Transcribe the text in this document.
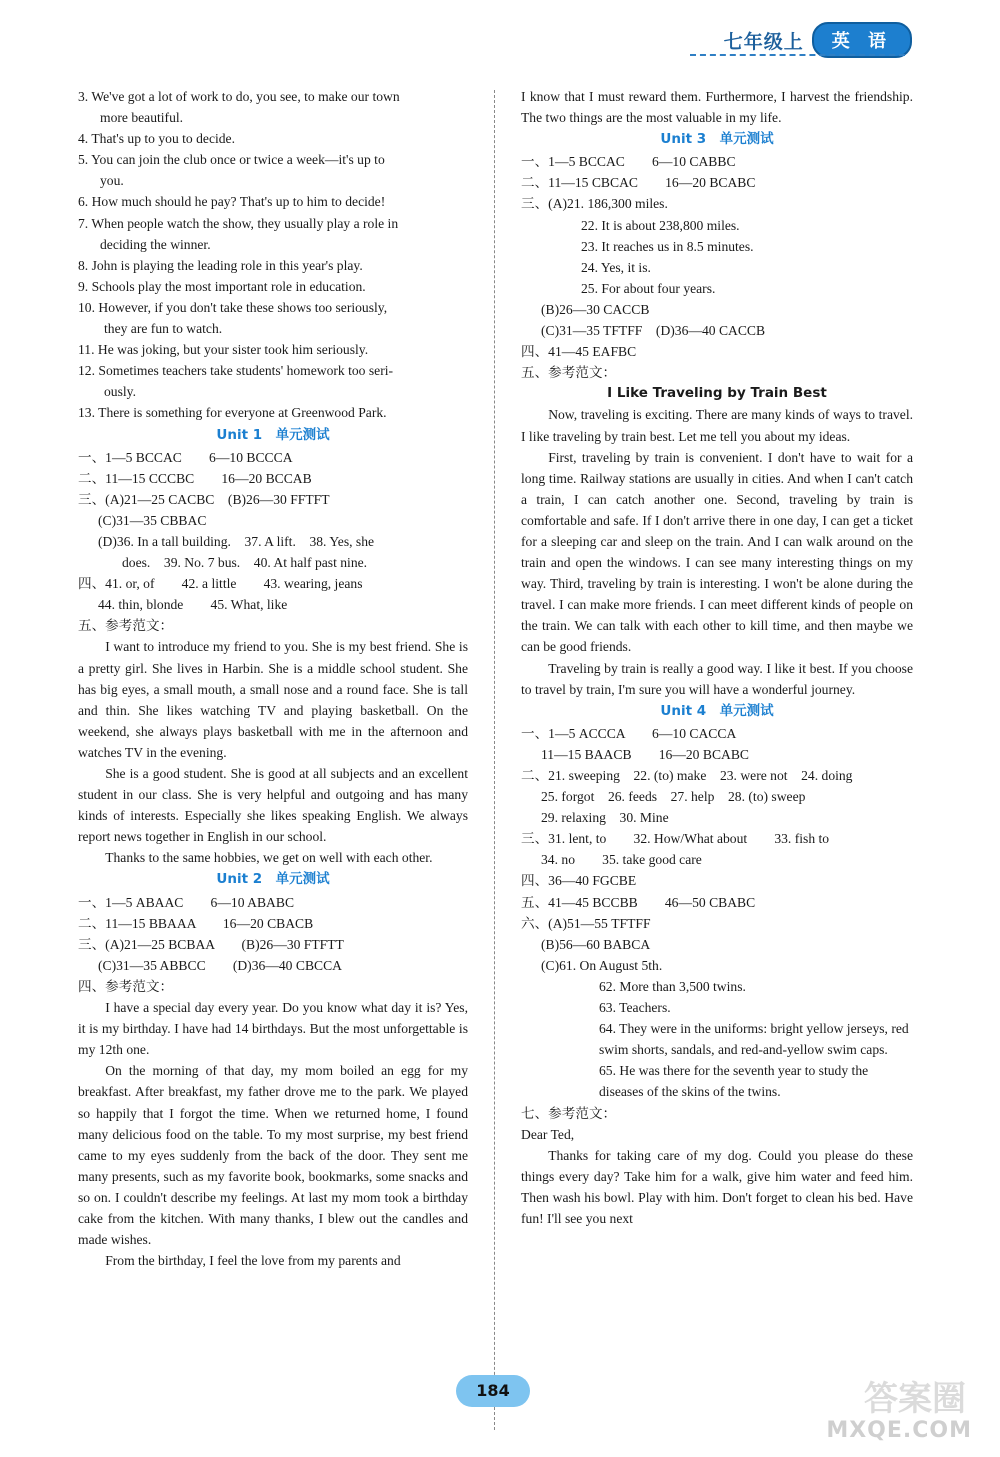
七年级上	英 语
3. We've got a lot of work to do, you see, to make our town
more beautiful.
4. That's up to you to decide.
5. You can join the club once or twice a week—it's up to
you.
6. How much should he pay? That's up to him to decide!
7. When people watch the show, they usually play a role in
deciding the winner.
8. John is playing the leading role in this year's play.
9. Schools play the most important role in education.
10. However, if you don't take these shows too seriously,
they are fun to watch.
11. He was joking, but your sister took him seriously.
12. Sometimes teachers take students' homework too seri-
ously.
13. There is something for everyone at Greenwood Park.
Unit 1　单元测试
一、1—5 BCCAC　　6—10 BCCCA
二、11—15 CCCBC　　16—20 BCCAB
三、(A)21—25 CACBC　(B)26—30 FFTFT
(C)31—35 CBBAC
(D)36. In a tall building.　37. A lift.　38. Yes, she
does.　39. No. 7 bus.　40. At half past nine.
四、41. or, of　　42. a little　　43. wearing, jeans
44. thin, blonde　　45. What, like
五、参考范文：
I want to introduce my friend to you. She is my best friend. She is a pretty girl. She lives in Harbin. She is a middle school student. She has big eyes, a small mouth, a small nose and a round face. She is tall and thin. She likes watching TV and playing basketball. On the weekend, she always plays basketball with me in the afternoon and watches TV in the evening.
She is a good student. She is good at all subjects and an excellent student in our class. She is very helpful and outgoing and has many kinds of interests. Especially she likes speaking English. We always report news together in English in our school.
Thanks to the same hobbies, we get on well with each other.
Unit 2　单元测试
一、1—5 ABAAC　　6—10 ABABC
二、11—15 BBAAA　　16—20 CBACB
三、(A)21—25 BCBAA　　(B)26—30 FTFTT
(C)31—35 ABBCC　　(D)36—40 CBCCA
四、参考范文：
I have a special day every year. Do you know what day it is? Yes, it is my birthday. I have had 14 birthdays. But the most unforgettable is my 12th one.
On the morning of that day, my mom boiled an egg for my breakfast. After breakfast, my father drove me to the park. We played so happily that I forgot the time. When we returned home, I found many delicious food on the table. To my most surprise, my best friend came to my eyes suddenly from the back of the door. They sent me many presents, such as my favorite book, bookmarks, some snacks and so on. I couldn't describe my feelings. At last my mom took a birthday cake from the kitchen. With many thanks, I blew out the candles and made wishes.
From the birthday, I feel the love from my parents and
I know that I must reward them. Furthermore, I harvest the friendship. The two things are the most valuable in my life.
Unit 3　单元测试
一、1—5 BCCAC　　6—10 CABBC
二、11—15 CBCAC　　16—20 BCABC
三、(A)21. 186,300 miles.
22. It is about 238,800 miles.
23. It reaches us in 8.5 minutes.
24. Yes, it is.
25. For about four years.
(B)26—30 CACCB
(C)31—35 TFTFF　(D)36—40 CACCB
四、41—45 EAFBC
五、参考范文：
I Like Traveling by Train Best
Now, traveling is exciting. There are many kinds of ways to travel. I like traveling by train best. Let me tell you about my ideas.
First, traveling by train is convenient. I don't have to wait for a long time. Railway stations are usually in cities. And when I can't catch a train, I can catch another one. Second, traveling by train is comfortable and safe. If I don't arrive there in one day, I can get a ticket for a sleeping car and sleep on the train. And I can walk around on the train and open the windows. I can see many interesting things on my way. Third, traveling by train is interesting. I won't be alone during the travel. I can make more friends. I can meet different kinds of people on the train. We can talk with each other to kill time, and then maybe we can be good friends.
Traveling by train is really a good way. I like it best. If you choose to travel by train, I'm sure you will have a wonderful journey.
Unit 4　单元测试
一、1—5 ACCCA　　6—10 CACCA
11—15 BAACB　　16—20 BCABC
二、21. sweeping　22. (to) make　23. were not　24. doing
25. forgot　26. feeds　27. help　28. (to) sweep
29. relaxing　30. Mine
三、31. lent, to　　32. How/What about　　33. fish to
34. no　　35. take good care
四、36—40 FGCBE
五、41—45 BCCBB　　46—50 CBABC
六、(A)51—55 TFTFF
(B)56—60 BABCA
(C)61. On August 5th.
62. More than 3,500 twins.
63. Teachers.
64. They were in the uniforms: bright yellow jerseys, red swim shorts, sandals, and red-and-yellow swim caps.
65. He was there for the seventh year to study the diseases of the skins of the twins.
七、参考范文：
Dear Ted,
Thanks for taking care of my dog. Could you please do these things every day? Take him for a walk, give him water and feed him. Then wash his bowl. Play with him. Don't forget to clean his bed. Have fun! I'll see you next
184	答案圈
MXQE.COM
